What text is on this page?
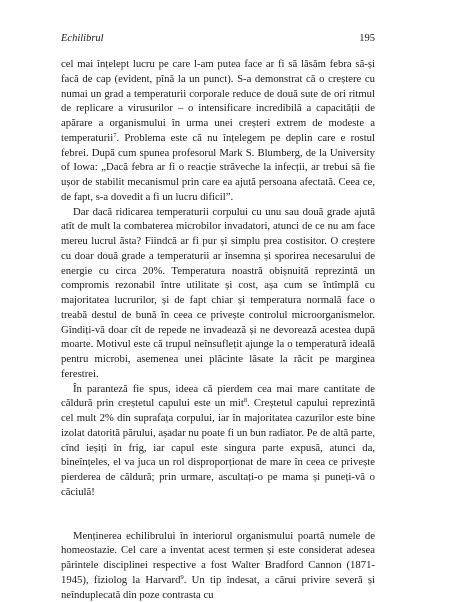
Echilibrul	195

cel mai înțelept lucru pe care l-am putea face ar fi să lăsăm febra să-și facă de cap (evident, pînă la un punct). S-a demonstrat că o creștere cu numai un grad a temperaturii corporale reduce de două sute de ori ritmul de replicare a virusurilor – o intensificare incredibilă a capacității de apărare a organismului în urma unei creșteri extrem de modeste a temperaturii$^7$. Problema este că nu înțelegem pe deplin care e rostul febrei. După cum spunea profesorul Mark S. Blumberg, de la University of Iowa: „Dacă febra ar fi o reacție străveche la infecții, ar trebui să fie ușor de stabilit mecanismul prin care ea ajută persoana afectată. Ceea ce, de fapt, s-a dovedit a fi un lucru dificil”.

Dar dacă ridicarea temperaturii corpului cu unu sau două grade ajută atît de mult la combaterea microbilor invadatori, atunci de ce nu am face mereu lucrul ăsta? Fiindcă ar fi pur și simplu prea costisitor. O creștere cu doar două grade a temperaturii ar însemna și sporirea necesarului de energie cu circa 20%. Temperatura noastră obișnuită reprezintă un compromis rezonabil între utilitate și cost, așa cum se întîmplă cu majoritatea lucrurilor, și de fapt chiar și temperatura normală face o treabă destul de bună în ceea ce privește controlul microorganismelor. Gîndiți-vă doar cît de repede ne invadează și ne devorează acestea după moarte. Motivul este că trupul neînsuflețit ajunge la o temperatură ideală pentru microbi, asemenea unei plăcinte lăsate la răcit pe marginea ferestrei.

În paranteză fie spus, ideea că pierdem cea mai mare cantitate de căldură prin creștetul capului este un mit$^8$. Creștetul capului reprezintă cel mult 2% din suprafața corpului, iar în majoritatea cazurilor este bine izolat datorită părului, așadar nu poate fi un bun radiator. Pe de altă parte, cînd ieșiți în frig, iar capul este singura parte expusă, atunci da, bineînțeles, el va juca un rol disproporționat de mare în ceea ce privește pierderea de căldură; prin urmare, ascultați-o pe mama și puneți-vă o căciulă!

Menținerea echilibrului în interiorul organismului poartă numele de homeostazie. Cel care a inventat acest termen și este considerat adesea părintele disciplinei respective a fost Walter Bradford Cannon (1871-1945), fiziolog la Harvard$^9$. Un tip îndesat, a cărui privire severă și neînduplecată din poze contrasta cu
